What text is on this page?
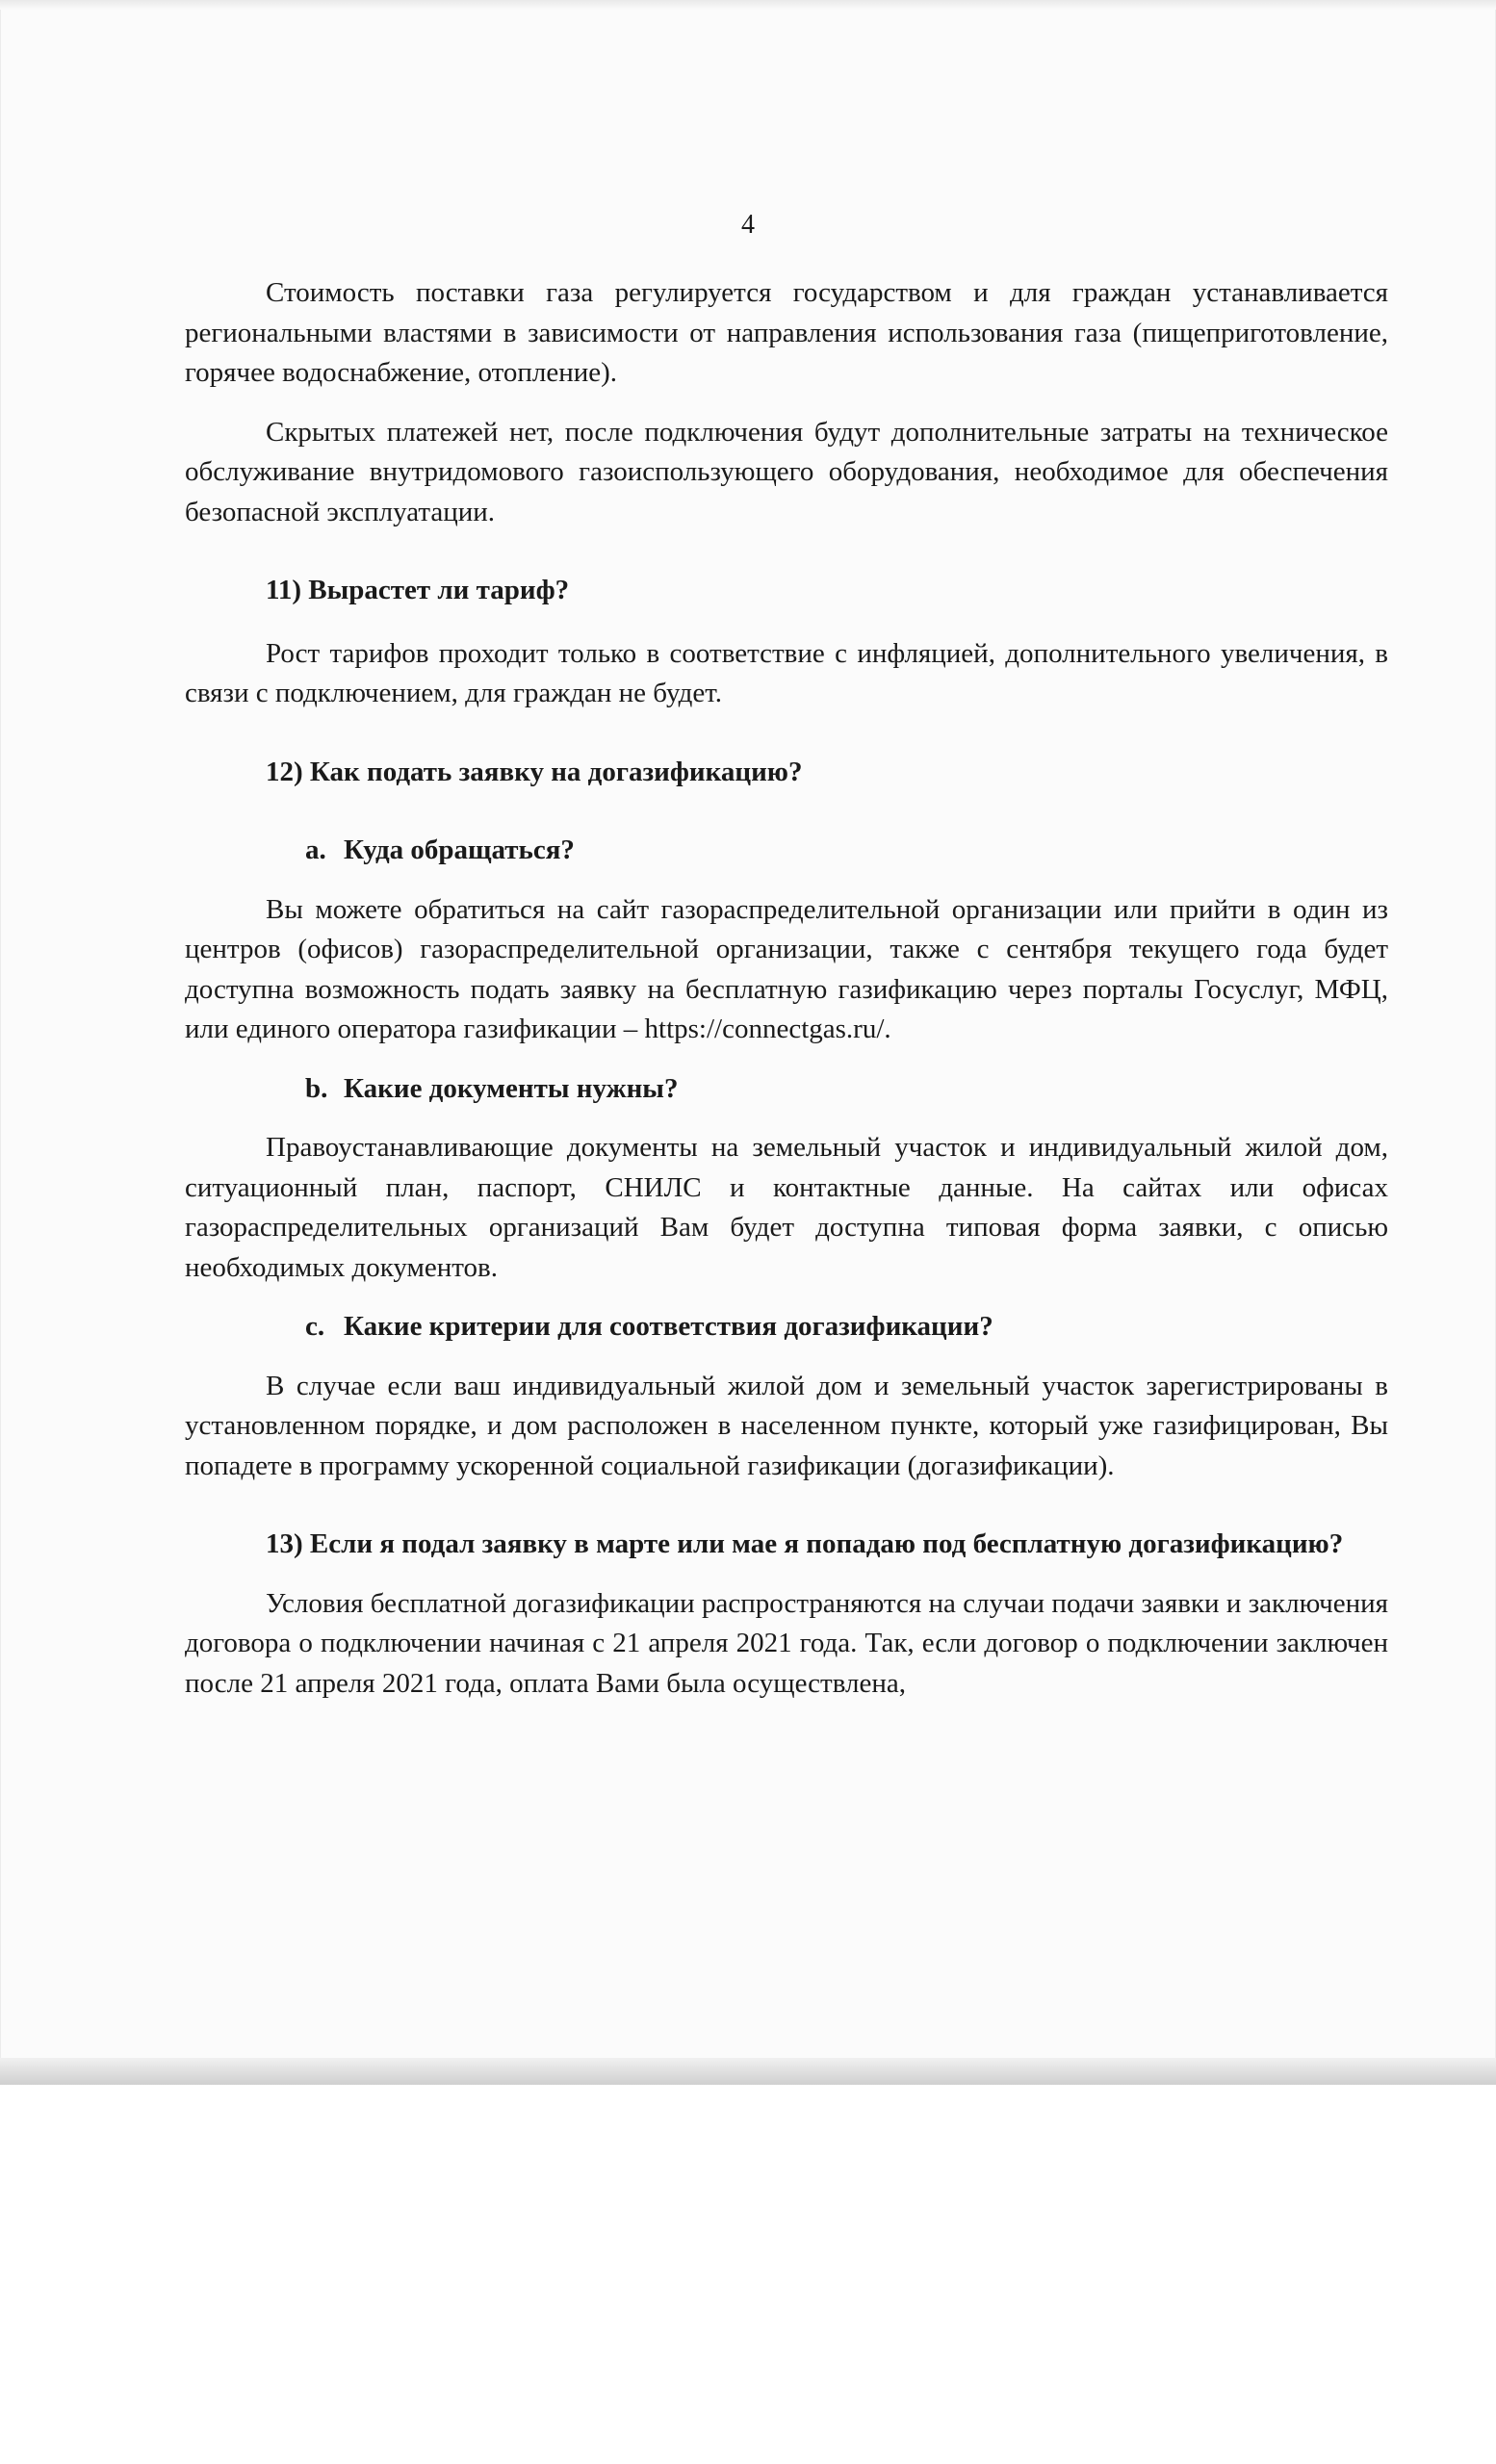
4

Стоимость поставки газа регулируется государством и для граждан устанавливается региональными властями в зависимости от направления использования газа (пищеприготовление, горячее водоснабжение, отопление).

Скрытых платежей нет, после подключения будут дополнительные затраты на техническое обслуживание внутридомового газоиспользующего оборудования, необходимое для обеспечения безопасной эксплуатации.

11) Вырастет ли тариф?

Рост тарифов проходит только в соответствие с инфляцией, дополнительного увеличения, в связи с подключением, для граждан не будет.

12) Как подать заявку на догазификацию?
a. Куда обращаться?

Вы можете обратиться на сайт газораспределительной организации или прийти в один из центров (офисов) газораспределительной организации, также с сентября текущего года будет доступна возможность подать заявку на бесплатную газификацию через порталы Госуслуг, МФЦ, или единого оператора газификации – https://connectgas.ru/.

b. Какие документы нужны?

Правоустанавливающие документы на земельный участок и индивидуальный жилой дом, ситуационный план, паспорт, СНИЛС и контактные данные. На сайтах или офисах газораспределительных организаций Вам будет доступна типовая форма заявки, с описью необходимых документов.

c. Какие критерии для соответствия догазификации?

В случае если ваш индивидуальный жилой дом и земельный участок зарегистрированы в установленном порядке, и дом расположен в населенном пункте, который уже газифицирован, Вы попадете в программу ускоренной социальной газификации (догазификации).

13) Если я подал заявку в марте или мае я попадаю под бесплатную догазификацию?

Условия бесплатной догазификации распространяются на случаи подачи заявки и заключения договора о подключении начиная с 21 апреля 2021 года. Так, если договор о подключении заключен после 21 апреля 2021 года, оплата Вами была осуществлена,
